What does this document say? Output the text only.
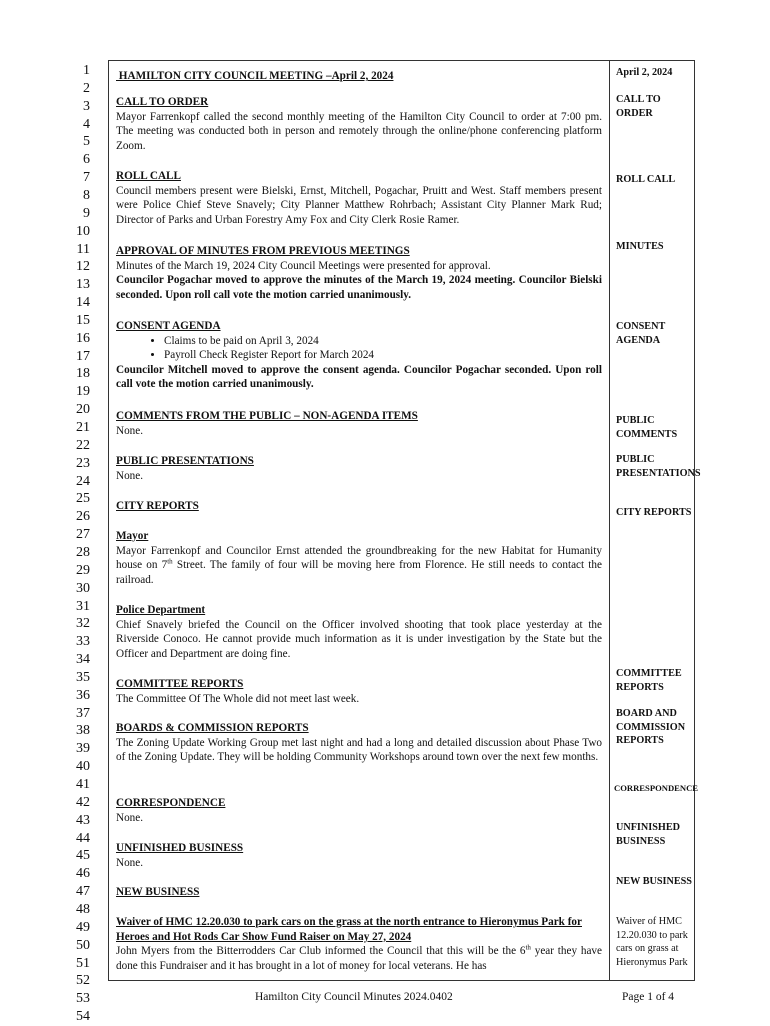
1
2
3
4
5
6
7
8
9
10
11
12
13
14
15
16
17
18
19
20
21
22
23
24
25
26
27
28
29
30
31
32
33
34
35
36
37
38
39
40
41
42
43
44
45
46
47
48
49
50
51
52
53
54
HAMILTON CITY COUNCIL MEETING –April 2, 2024
CALL TO ORDER
Mayor Farrenkopf called the second monthly meeting of the Hamilton City Council to order at 7:00 pm. The meeting was conducted both in person and remotely through the online/phone conferencing platform Zoom.
ROLL CALL
Council members present were Bielski, Ernst, Mitchell, Pogachar, Pruitt and West. Staff members present were Police Chief Steve Snavely; City Planner Matthew Rohrbach; Assistant City Planner Mark Rud; Director of Parks and Urban Forestry Amy Fox and City Clerk Rosie Ramer.
APPROVAL OF MINUTES FROM PREVIOUS MEETINGS
Minutes of the March 19, 2024 City Council Meetings were presented for approval.
Councilor Pogachar moved to approve the minutes of the March 19, 2024 meeting. Councilor Bielski seconded. Upon roll call vote the motion carried unanimously.
CONSENT AGENDA
• Claims to be paid on April 3, 2024
• Payroll Check Register Report for March 2024
Councilor Mitchell moved to approve the consent agenda. Councilor Pogachar seconded. Upon roll call vote the motion carried unanimously.
COMMENTS FROM THE PUBLIC – NON-AGENDA ITEMS
None.
PUBLIC PRESENTATIONS
None.
CITY REPORTS
Mayor
Mayor Farrenkopf and Councilor Ernst attended the groundbreaking for the new Habitat for Humanity house on 7th Street. The family of four will be moving here from Florence. He still needs to contact the railroad.
Police Department
Chief Snavely briefed the Council on the Officer involved shooting that took place yesterday at the Riverside Conoco. He cannot provide much information as it is under investigation by the State but the Officer and Department are doing fine.
COMMITTEE REPORTS
The Committee Of The Whole did not meet last week.
BOARDS & COMMISSION REPORTS
The Zoning Update Working Group met last night and had a long and detailed discussion about Phase Two of the Zoning Update. They will be holding Community Workshops around town over the next few months.
CORRESPONDENCE
None.
UNFINISHED BUSINESS
None.
NEW BUSINESS
Waiver of HMC 12.20.030 to park cars on the grass at the north entrance to Hieronymus Park for Heroes and Hot Rods Car Show Fund Raiser on May 27, 2024
John Myers from the Bitterrodders Car Club informed the Council that this will be the 6th year they have done this Fundraiser and it has brought in a lot of money for local veterans. He has
April 2, 2024
CALL TO ORDER
ROLL CALL
MINUTES
CONSENT AGENDA
PUBLIC COMMENTS
PUBLIC PRESENTATIONS
CITY REPORTS
COMMITTEE REPORTS
BOARD AND COMMISSION REPORTS
CORRESPONDENCE
UNFINISHED BUSINESS
NEW BUSINESS
Waiver of HMC 12.20.030 to park cars on grass at Hieronymus Park
Hamilton City Council Minutes 2024.0402	Page 1 of 4
